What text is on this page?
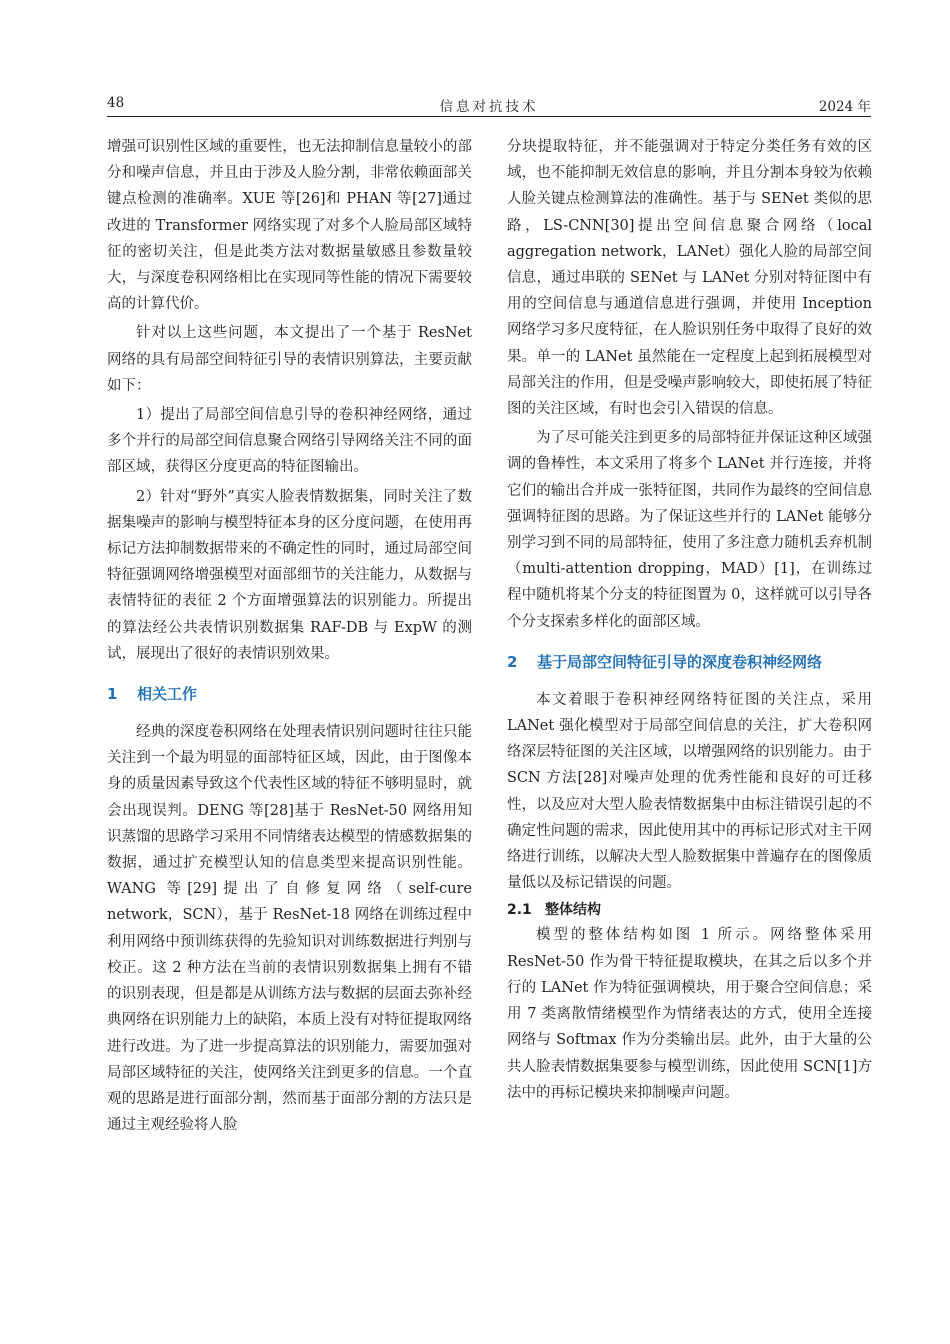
48	信息对抗技术	2024 年

增强可识别性区域的重要性，也无法抑制信息量较小的部分和噪声信息，并且由于涉及人脸分割，非常依赖面部关键点检测的准确率。XUE 等[26]和 PHAN 等[27]通过改进的 Transformer 网络实现了对多个人脸局部区域特征的密切关注，但是此类方法对数据量敏感且参数量较大，与深度卷积网络相比在实现同等性能的情况下需要较高的计算代价。

针对以上这些问题，本文提出了一个基于 ResNet 网络的具有局部空间特征引导的表情识别算法，主要贡献如下：

1）提出了局部空间信息引导的卷积神经网络，通过多个并行的局部空间信息聚合网络引导网络关注不同的面部区域，获得区分度更高的特征图输出。

2）针对“野外”真实人脸表情数据集，同时关注了数据集噪声的影响与模型特征本身的区分度问题，在使用再标记方法抑制数据带来的不确定性的同时，通过局部空间特征强调网络增强模型对面部细节的关注能力，从数据与表情特征的表征 2 个方面增强算法的识别能力。所提出的算法经公共表情识别数据集 RAF-DB 与 ExpW 的测试，展现出了很好的表情识别效果。

1	相关工作

经典的深度卷积网络在处理表情识别问题时往往只能关注到一个最为明显的面部特征区域，因此，由于图像本身的质量因素导致这个代表性区域的特征不够明显时，就会出现误判。DENG 等[28]基于 ResNet-50 网络用知识蒸馏的思路学习采用不同情绪表达模型的情感数据集的数据，通过扩充模型认知的信息类型来提高识别性能。WANG 等[29]提出了自修复网络（self-cure network，SCN），基于 ResNet-18 网络在训练过程中利用网络中预训练获得的先验知识对训练数据进行判别与校正。这 2 种方法在当前的表情识别数据集上拥有不错的识别表现，但是都是从训练方法与数据的层面去弥补经典网络在识别能力上的缺陷，本质上没有对特征提取网络进行改进。为了进一步提高算法的识别能力，需要加强对局部区域特征的关注，使网络关注到更多的信息。一个直观的思路是进行面部分割，然而基于面部分割的方法只是通过主观经验将人脸

分块提取特征，并不能强调对于特定分类任务有效的区域，也不能抑制无效信息的影响，并且分割本身较为依赖人脸关键点检测算法的准确性。基于与 SENet 类似的思路，LS-CNN[30]提出空间信息聚合网络（local aggregation network，LANet）强化人脸的局部空间信息，通过串联的 SENet 与 LANet 分别对特征图中有用的空间信息与通道信息进行强调，并使用 Inception 网络学习多尺度特征，在人脸识别任务中取得了良好的效果。单一的 LANet 虽然能在一定程度上起到拓展模型对局部关注的作用，但是受噪声影响较大，即使拓展了特征图的关注区域，有时也会引入错误的信息。

为了尽可能关注到更多的局部特征并保证这种区域强调的鲁棒性，本文采用了将多个 LANet 并行连接，并将它们的输出合并成一张特征图，共同作为最终的空间信息强调特征图的思路。为了保证这些并行的 LANet 能够分别学习到不同的局部特征，使用了多注意力随机丢弃机制（multi-attention dropping，MAD）[1]，在训练过程中随机将某个分支的特征图置为 0，这样就可以引导各个分支探索多样化的面部区域。

2	基于局部空间特征引导的深度卷积神经网络

本文着眼于卷积神经网络特征图的关注点，采用 LANet 强化模型对于局部空间信息的关注，扩大卷积网络深层特征图的关注区域，以增强网络的识别能力。由于 SCN 方法[28]对噪声处理的优秀性能和良好的可迁移性，以及应对大型人脸表情数据集中由标注错误引起的不确定性问题的需求，因此使用其中的再标记形式对主干网络进行训练，以解决大型人脸数据集中普遍存在的图像质量低以及标记错误的问题。

2.1 整体结构

模型的整体结构如图 1 所示。网络整体采用 ResNet-50 作为骨干特征提取模块，在其之后以多个并行的 LANet 作为特征强调模块，用于聚合空间信息；采用 7 类离散情绪模型作为情绪表达的方式，使用全连接网络与 Softmax 作为分类输出层。此外，由于大量的公共人脸表情数据集要参与模型训练，因此使用 SCN[1]方法中的再标记模块来抑制噪声问题。
